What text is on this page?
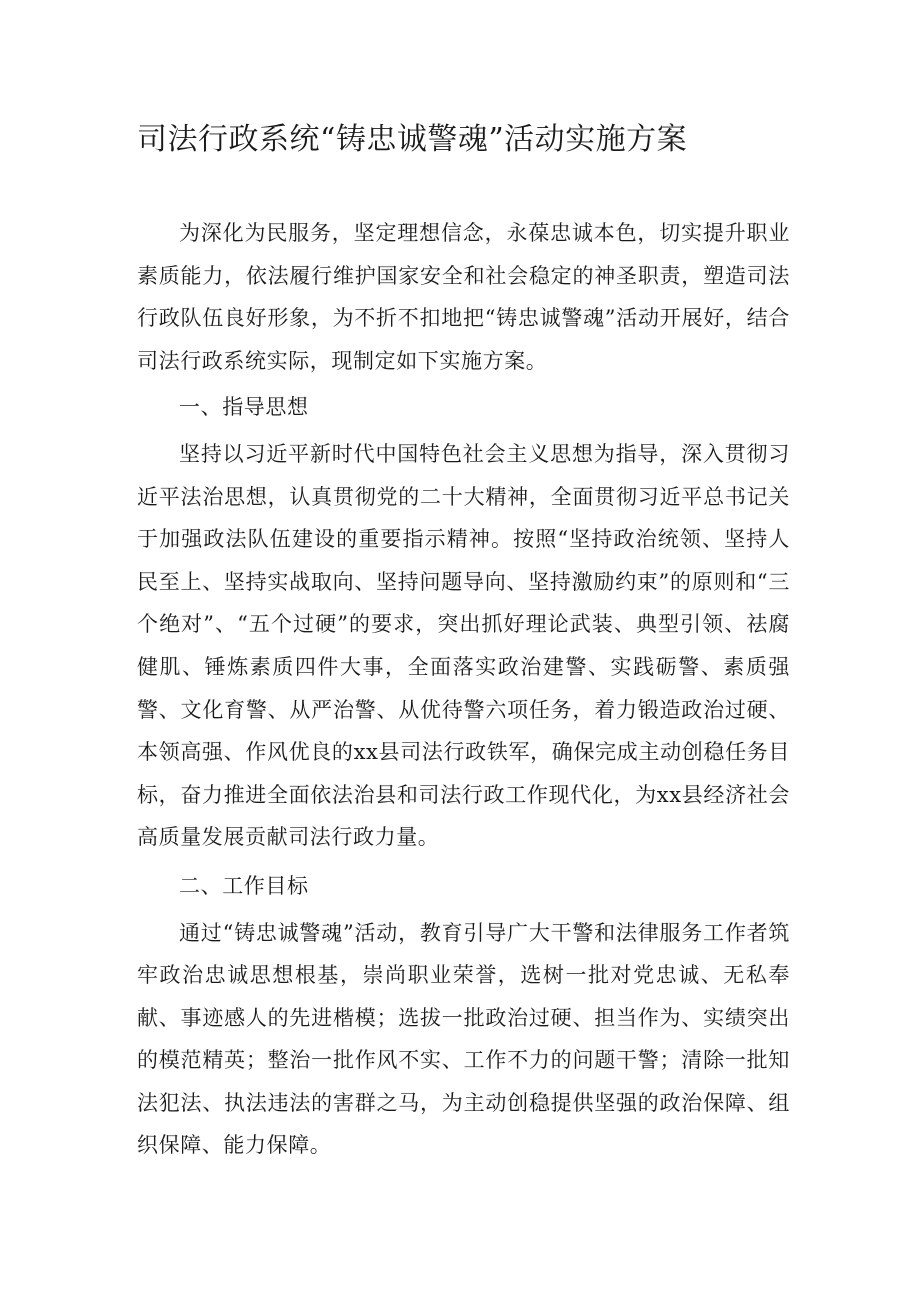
司法行政系统“铸忠诚警魂”活动实施方案

为深化为民服务，坚定理想信念，永葆忠诚本色，切实提升职业素质能力，依法履行维护国家安全和社会稳定的神圣职责，塑造司法行政队伍良好形象，为不折不扣地把“铸忠诚警魂”活动开展好，结合司法行政系统实际，现制定如下实施方案。

一、指导思想

坚持以习近平新时代中国特色社会主义思想为指导，深入贯彻习近平法治思想，认真贯彻党的二十大精神，全面贯彻习近平总书记关于加强政法队伍建设的重要指示精神。按照“坚持政治统领、坚持人民至上、坚持实战取向、坚持问题导向、坚持激励约束”的原则和“三个绝对”、“五个过硬”的要求，突出抓好理论武装、典型引领、祛腐健肌、锤炼素质四件大事，全面落实政治建警、实践砺警、素质强警、文化育警、从严治警、从优待警六项任务，着力锻造政治过硬、本领高强、作风优良的xx县司法行政铁军，确保完成主动创稳任务目标，奋力推进全面依法治县和司法行政工作现代化，为xx县经济社会高质量发展贡献司法行政力量。

二、工作目标

通过“铸忠诚警魂”活动，教育引导广大干警和法律服务工作者筑牢政治忠诚思想根基，崇尚职业荣誉，选树一批对党忠诚、无私奉献、事迹感人的先进楷模；选拔一批政治过硬、担当作为、实绩突出的模范精英；整治一批作风不实、工作不力的问题干警；清除一批知法犯法、执法违法的害群之马，为主动创稳提供坚强的政治保障、组织保障、能力保障。
